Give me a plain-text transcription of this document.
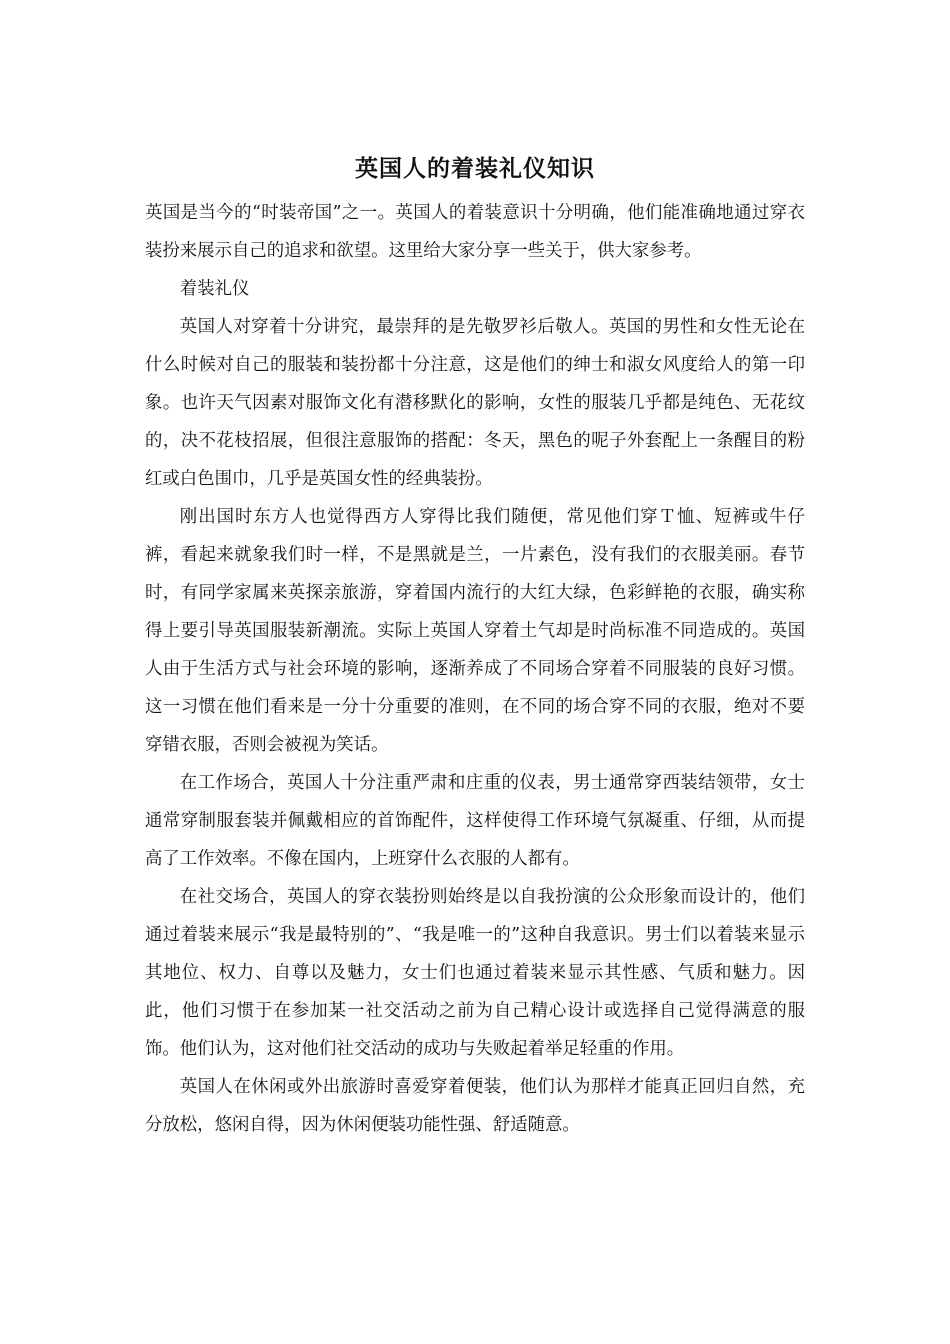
英国人的着装礼仪知识

英国是当今的“时装帝国”之一。英国人的着装意识十分明确，他们能准确地通过穿衣装扮来展示自己的追求和欲望。这里给大家分享一些关于，供大家参考。

着装礼仪

英国人对穿着十分讲究，最崇拜的是先敬罗衫后敬人。英国的男性和女性无论在什么时候对自己的服装和装扮都十分注意，这是他们的绅士和淑女风度给人的第一印象。也许天气因素对服饰文化有潜移默化的影响，女性的服装几乎都是纯色、无花纹的，决不花枝招展，但很注意服饰的搭配：冬天，黑色的呢子外套配上一条醒目的粉红或白色围巾，几乎是英国女性的经典装扮。

刚出国时东方人也觉得西方人穿得比我们随便，常见他们穿Ｔ恤、短裤或牛仔裤，看起来就象我们时一样，不是黑就是兰，一片素色，没有我们的衣服美丽。春节时，有同学家属来英探亲旅游，穿着国内流行的大红大绿，色彩鲜艳的衣服，确实称得上要引导英国服装新潮流。实际上英国人穿着土气却是时尚标准不同造成的。英国人由于生活方式与社会环境的影响，逐渐养成了不同场合穿着不同服装的良好习惯。这一习惯在他们看来是一分十分重要的准则，在不同的场合穿不同的衣服，绝对不要穿错衣服，否则会被视为笑话。

在工作场合，英国人十分注重严肃和庄重的仪表，男士通常穿西装结领带，女士通常穿制服套装并佩戴相应的首饰配件，这样使得工作环境气氛凝重、仔细，从而提高了工作效率。不像在国内，上班穿什么衣服的人都有。

在社交场合，英国人的穿衣装扮则始终是以自我扮演的公众形象而设计的，他们通过着装来展示“我是最特别的”、“我是唯一的”这种自我意识。男士们以着装来显示其地位、权力、自尊以及魅力，女士们也通过着装来显示其性感、气质和魅力。因此，他们习惯于在参加某一社交活动之前为自己精心设计或选择自己觉得满意的服饰。他们认为，这对他们社交活动的成功与失败起着举足轻重的作用。

英国人在休闲或外出旅游时喜爱穿着便装，他们认为那样才能真正回归自然，充分放松，悠闲自得，因为休闲便装功能性强、舒适随意。
